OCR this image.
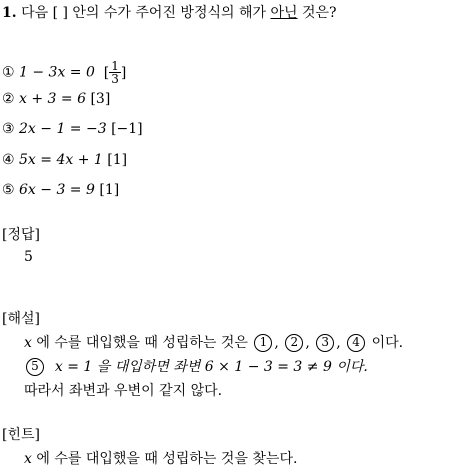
1. 다음 [ ] 안의 수가 주어진 방정식의 해가 아닌 것은?
① 1 − 3x = 0  [ $\frac{1}{3}$ ]
② x + 3 = 6 [3]
③ 2x − 1 = −3 [−1]
④ 5x = 4x + 1 [1]
⑤ 6x − 3 = 9 [1]
[정답]
5
[해설]
x 에 수를 대입했을 때 성립하는 것은 1 , 2 , 3 , 4 이다.
5 x = 1 을 대입하면 좌변 6 × 1 − 3 = 3 ≠ 9 이다.
따라서 좌변과 우변이 같지 않다.
[힌트]
x 에 수를 대입했을 때 성립하는 것을 찾는다.
